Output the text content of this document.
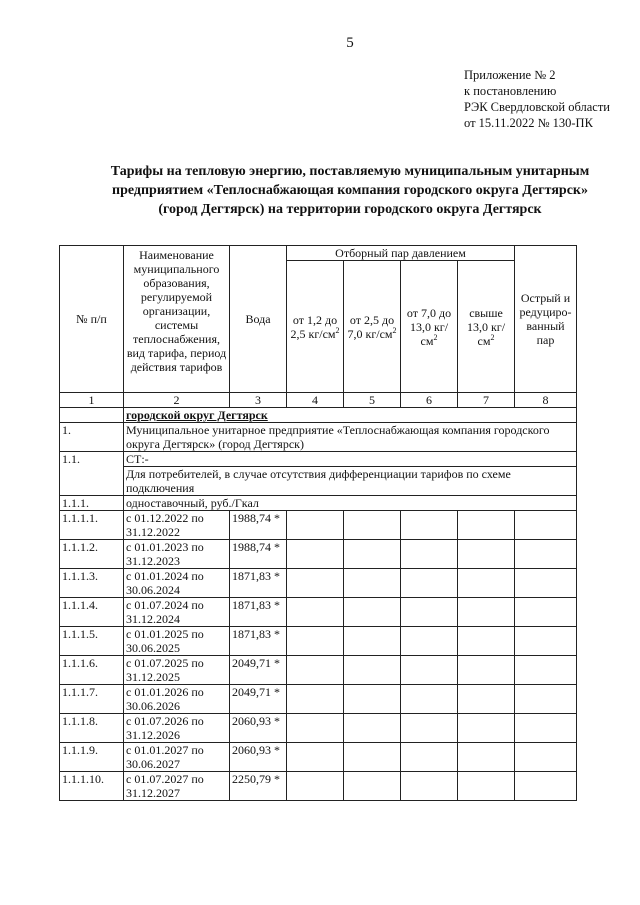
5
Приложение № 2
к постановлению
РЭК Свердловской области
от 15.11.2022 № 130-ПК
Тарифы на тепловую энергию, поставляемую муниципальным унитарным
предприятием «Теплоснабжающая компания городского округа Дегтярск»
(город Дегтярск) на территории городского округа Дегтярск
№ п/п	Наименование муниципального образования, регулируемой организации, системы теплоснабжения, вид тарифа, период действия тарифов	Вода	Отборный пар давлением				Острый и редуциро-ванный пар
			от 1,2 до 2,5 $кг/см^2$	от 2,5 до 7,0 $кг/см^2$	от 7,0 до 13,0 $кг/см^2$	свыше 13,0 $кг/см^2$
1	2	3	4	5	6	7	8
	городской округ Дегтярск						
1.	Муниципальное унитарное предприятие «Теплоснабжающая компания городского округа Дегтярск» (город Дегтярск)						
1.1.	СТ:-						
	Для потребителей, в случае отсутствия дифференциации тарифов по схеме подключения						
1.1.1.	одноставочный, руб./Гкал						
1.1.1.1.	с 01.12.2022 по 31.12.2022	1988,74 *					
1.1.1.2.	с 01.01.2023 по 31.12.2023	1988,74 *					
1.1.1.3.	с 01.01.2024 по 30.06.2024	1871,83 *					
1.1.1.4.	с 01.07.2024 по 31.12.2024	1871,83 *					
1.1.1.5.	с 01.01.2025 по 30.06.2025	1871,83 *					
1.1.1.6.	с 01.07.2025 по 31.12.2025	2049,71 *					
1.1.1.7.	с 01.01.2026 по 30.06.2026	2049,71 *					
1.1.1.8.	с 01.07.2026 по 31.12.2026	2060,93 *					
1.1.1.9.	с 01.01.2027 по 30.06.2027	2060,93 *					
1.1.1.10.	с 01.07.2027 по 31.12.2027	2250,79 *					
